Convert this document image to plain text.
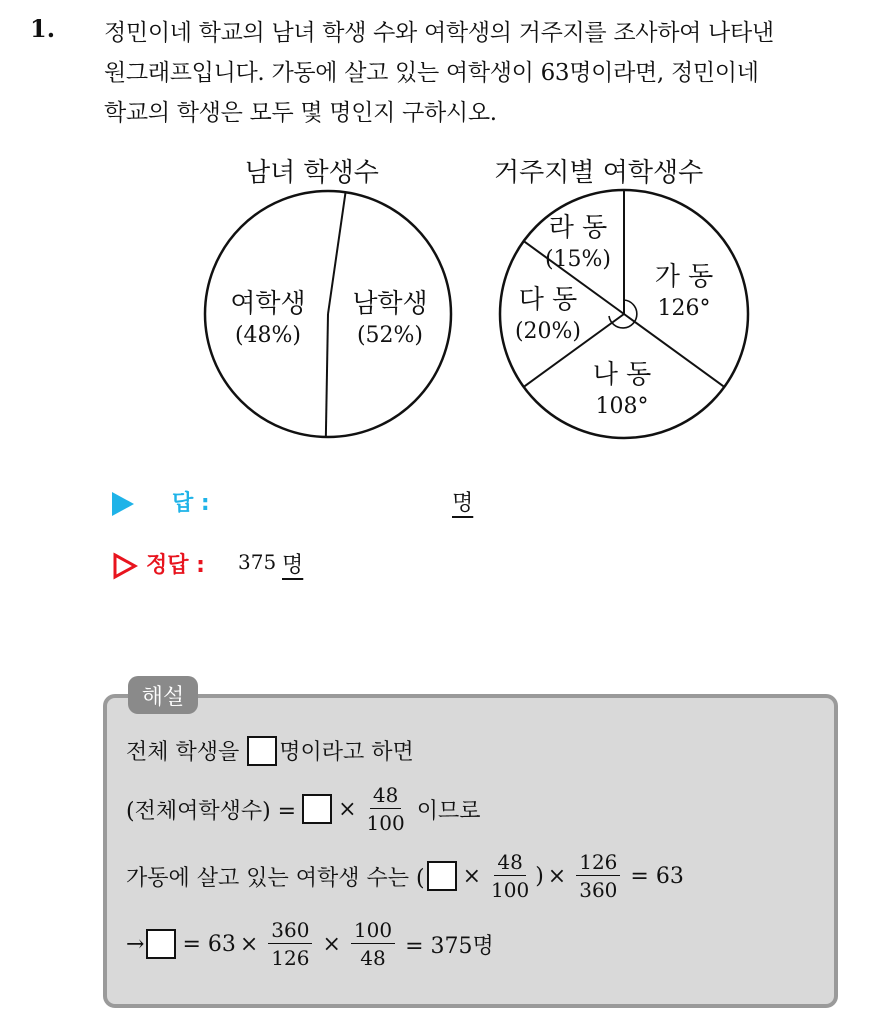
1. 정민이네 학교의 남녀 학생 수와 여학생의 거주지를 조사하여 나타낸
원그래프입니다. 가동에 살고 있는 여학생이 63명이라면, 정민이네
학교의 학생은 모두 몇 명인지 구하시오.
남녀 학생수	거주지별 여학생수
여학생
(48%)
남학생
(52%)
가 동
126°
나 동
108°
다 동
(20%)
라 동
(15%)
답 :	명
정답 : 375 명
해설
전체 학생을 명이라고 하면
(전체여학생수) = × $\frac{48}{100}$ 이므로
가동에 살고 있는 여학생 수는 ( × $\frac{48}{100}$ ) × $\frac{126}{360} = 63$
→ = $63 \times \frac{360}{126} \times \frac{100}{48} = 375$명
